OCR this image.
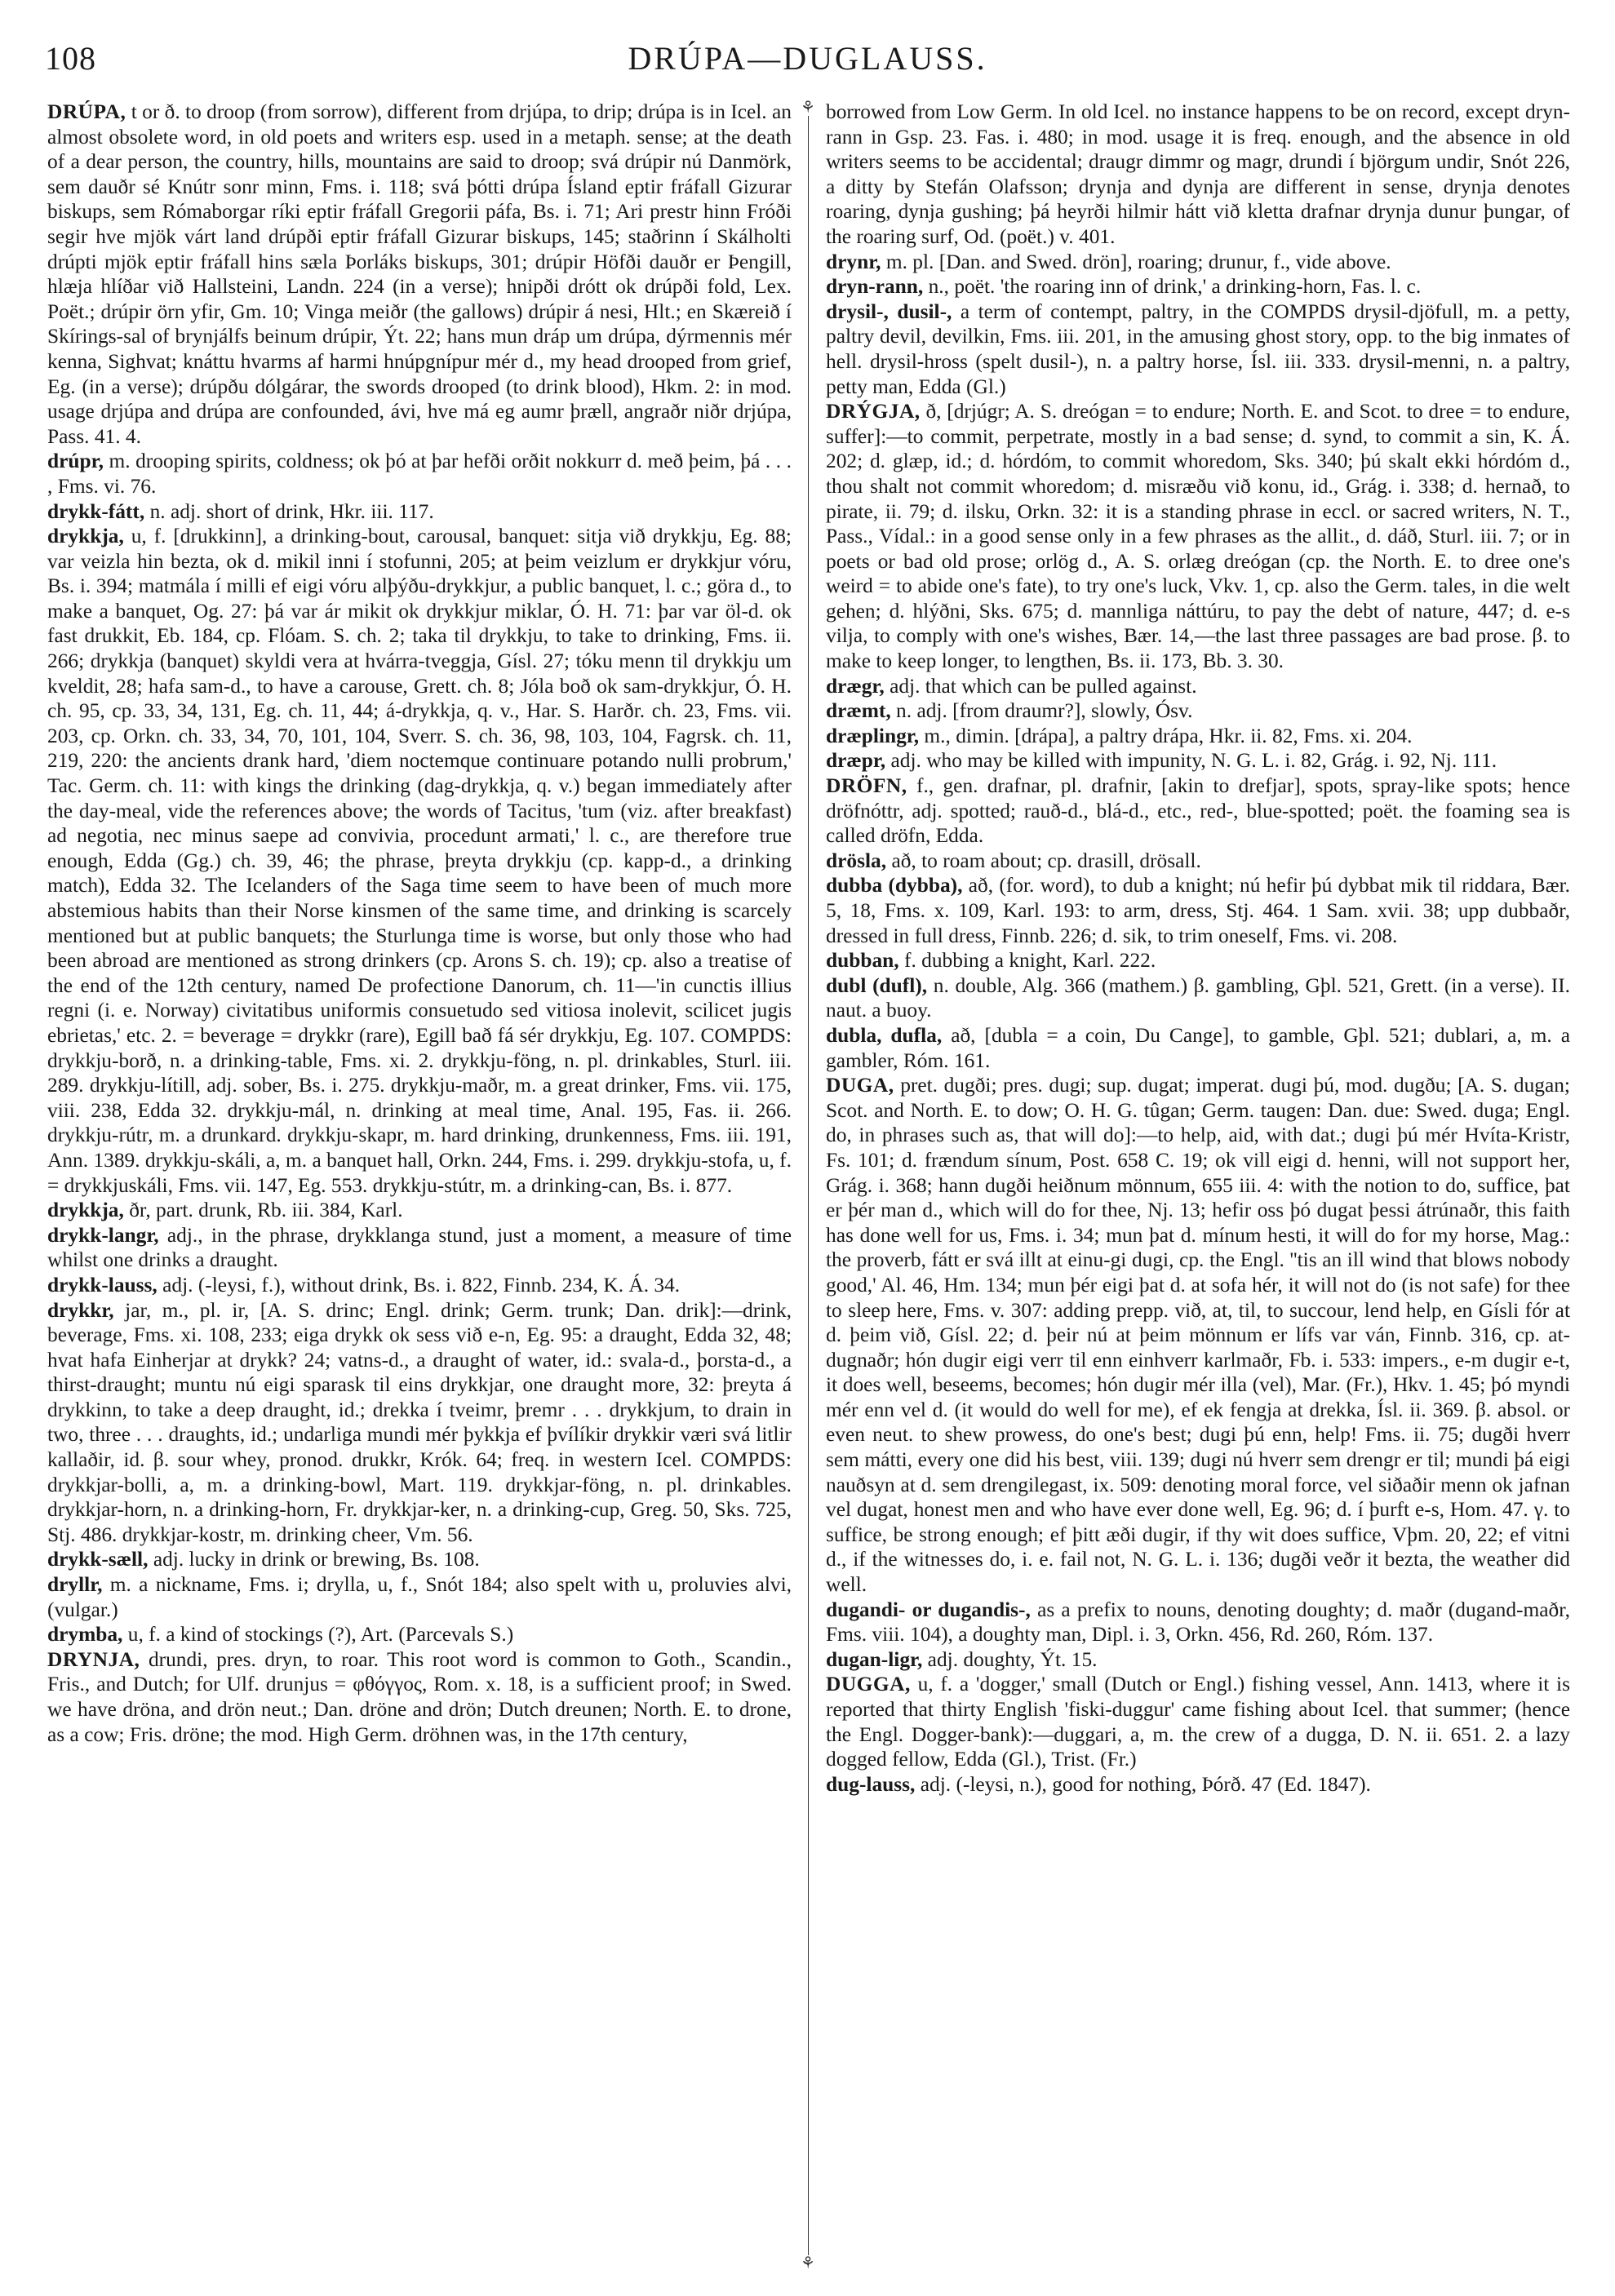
108	DRÚPA—DUGLAUSS.

DRÚPA, t or ð. to droop (from sorrow), different from drjúpa, to drip; drúpa is in Icel. an almost obsolete word, in old poets and writers esp. used in a metaph. sense; at the death of a dear person, the country, hills, mountains are said to droop; svá drúpir nú Danmörk, sem dauðr sé Knútr sonr minn, Fms. i. 118; svá þótti drúpa Ísland eptir fráfall Gizurar biskups, sem Rómaborgar ríki eptir fráfall Gregorii páfa, Bs. i. 71; Ari prestr hinn Fróði segir hve mjök várt land drúpði eptir fráfall Gizurar biskups, 145; staðrinn í Skálholti drúpti mjök eptir fráfall hins sæla Þorláks biskups, 301; drúpir Höfði dauðr er Þengill, hlæja hlíðar við Hallsteini, Landn. 224 (in a verse); hnipði drótt ok drúpði fold, Lex. Poët.; drúpir örn yfir, Gm. 10; Vinga meiðr (the gallows) drúpir á nesi, Hlt.; en Skæreið í Skírings-sal of brynjálfs beinum drúpir, Ýt. 22; hans mun dráp um drúpa, dýrmennis mér kenna, Sighvat; knáttu hvarms af harmi hnúpgnípur mér d., my head drooped from grief, Eg. (in a verse); drúpðu dólgárar, the swords drooped (to drink blood), Hkm. 2: in mod. usage drjúpa and drúpa are confounded, ávi, hve má eg aumr þræll, angraðr niðr drjúpa, Pass. 41. 4.

drúpr, m. drooping spirits, coldness; ok þó at þar hefði orðit nokkurr d. með þeim, þá . . . , Fms. vi. 76.

drykk-fátt, n. adj. short of drink, Hkr. iii. 117.

drykkja, u, f. [drukkinn], a drinking-bout, carousal, banquet: sitja við drykkju, Eg. 88; var veizla hin bezta, ok d. mikil inni í stofunni, 205; at þeim veizlum er drykkjur vóru, Bs. i. 394; matmála í milli ef eigi vóru alþýðu-drykkjur, a public banquet, l. c.; göra d., to make a banquet, Og. 27: þá var ár mikit ok drykkjur miklar, Ó. H. 71: þar var öl-d. ok fast drukkit, Eb. 184, cp. Flóam. S. ch. 2; taka til drykkju, to take to drinking, Fms. ii. 266; drykkja (banquet) skyldi vera at hvárra-tveggja, Gísl. 27; tóku menn til drykkju um kveldit, 28; hafa sam-d., to have a carouse, Grett. ch. 8; Jóla boð ok sam-drykkjur, Ó. H. ch. 95, cp. 33, 34, 131, Eg. ch. 11, 44; á-drykkja, q. v., Har. S. Harðr. ch. 23, Fms. vii. 203, cp. Orkn. ch. 33, 34, 70, 101, 104, Sverr. S. ch. 36, 98, 103, 104, Fagrsk. ch. 11, 219, 220: the ancients drank hard, 'diem noctemque continuare potando nulli probrum,' Tac. Germ. ch. 11: with kings the drinking (dag-drykkja, q. v.) began immediately after the day-meal, vide the references above; the words of Tacitus, 'tum (viz. after breakfast) ad negotia, nec minus saepe ad convivia, procedunt armati,' l. c., are therefore true enough, Edda (Gg.) ch. 39, 46; the phrase, þreyta drykkju (cp. kapp-d., a drinking match), Edda 32. The Icelanders of the Saga time seem to have been of much more abstemious habits than their Norse kinsmen of the same time, and drinking is scarcely mentioned but at public banquets; the Sturlunga time is worse, but only those who had been abroad are mentioned as strong drinkers (cp. Arons S. ch. 19); cp. also a treatise of the end of the 12th century, named De profectione Danorum, ch. 11—'in cunctis illius regni (i. e. Norway) civitatibus uniformis consuetudo sed vitiosa inolevit, scilicet jugis ebrietas,' etc. 2. = beverage = drykkr (rare), Egill bað fá sér drykkju, Eg. 107. COMPDS: drykkju-borð, n. a drinking-table, Fms. xi. 2. drykkju-föng, n. pl. drinkables, Sturl. iii. 289. drykkju-lítill, adj. sober, Bs. i. 275. drykkju-maðr, m. a great drinker, Fms. vii. 175, viii. 238, Edda 32. drykkju-mál, n. drinking at meal time, Anal. 195, Fas. ii. 266. drykkju-rútr, m. a drunkard. drykkju-skapr, m. hard drinking, drunkenness, Fms. iii. 191, Ann. 1389. drykkju-skáli, a, m. a banquet hall, Orkn. 244, Fms. i. 299. drykkju-stofa, u, f. = drykkjuskáli, Fms. vii. 147, Eg. 553. drykkju-stútr, m. a drinking-can, Bs. i. 877.

drykkja, ðr, part. drunk, Rb. iii. 384, Karl.

drykk-langr, adj., in the phrase, drykklanga stund, just a moment, a measure of time whilst one drinks a draught.

drykk-lauss, adj. (-leysi, f.), without drink, Bs. i. 822, Finnb. 234, K. Á. 34.

drykkr, jar, m., pl. ir, [A. S. drinc; Engl. drink; Germ. trunk; Dan. drik]:—drink, beverage, Fms. xi. 108, 233; eiga drykk ok sess við e-n, Eg. 95: a draught, Edda 32, 48; hvat hafa Einherjar at drykk? 24; vatns-d., a draught of water, id.: svala-d., þorsta-d., a thirst-draught; muntu nú eigi sparask til eins drykkjar, one draught more, 32: þreyta á drykkinn, to take a deep draught, id.; drekka í tveimr, þremr . . . drykkjum, to drain in two, three . . . draughts, id.; undarliga mundi mér þykkja ef þvílíkir drykkir væri svá litlir kallaðir, id. β. sour whey, pronod. drukkr, Krók. 64; freq. in western Icel. COMPDS: drykkjar-bolli, a, m. a drinking-bowl, Mart. 119. drykkjar-föng, n. pl. drinkables. drykkjar-horn, n. a drinking-horn, Fr. drykkjar-ker, n. a drinking-cup, Greg. 50, Sks. 725, Stj. 486. drykkjar-kostr, m. drinking cheer, Vm. 56.

drykk-sæll, adj. lucky in drink or brewing, Bs. 108.

dryllr, m. a nickname, Fms. i; drylla, u, f., Snót 184; also spelt with u, proluvies alvi, (vulgar.)

drymba, u, f. a kind of stockings (?), Art. (Parcevals S.)

DRYNJA, drundi, pres. dryn, to roar. This root word is common to Goth., Scandin., Fris., and Dutch; for Ulf. drunjus = φθόγγος, Rom. x. 18, is a sufficient proof; in Swed. we have dröna, and drön neut.; Dan. dröne and drön; Dutch dreunen; North. E. to drone, as a cow; Fris. dröne; the mod. High Germ. dröhnen was, in the 17th century,

⚘
⚘

borrowed from Low Germ. In old Icel. no instance happens to be on record, except dryn-rann in Gsp. 23. Fas. i. 480; in mod. usage it is freq. enough, and the absence in old writers seems to be accidental; draugr dimmr og magr, drundi í björgum undir, Snót 226, a ditty by Stefán Olafsson; drynja and dynja are different in sense, drynja denotes roaring, dynja gushing; þá heyrði hilmir hátt við kletta drafnar drynja dunur þungar, of the roaring surf, Od. (poët.) v. 401.

drynr, m. pl. [Dan. and Swed. drön], roaring; drunur, f., vide above.

dryn-rann, n., poët. 'the roaring inn of drink,' a drinking-horn, Fas. l. c.

drysil-, dusil-, a term of contempt, paltry, in the COMPDS drysil-djöfull, m. a petty, paltry devil, devilkin, Fms. iii. 201, in the amusing ghost story, opp. to the big inmates of hell. drysil-hross (spelt dusil-), n. a paltry horse, Ísl. iii. 333. drysil-menni, n. a paltry, petty man, Edda (Gl.)

DRÝGJA, ð, [drjúgr; A. S. dreógan = to endure; North. E. and Scot. to dree = to endure, suffer]:—to commit, perpetrate, mostly in a bad sense; d. synd, to commit a sin, K. Á. 202; d. glæp, id.; d. hórdóm, to commit whoredom, Sks. 340; þú skalt ekki hórdóm d., thou shalt not commit whoredom; d. misræðu við konu, id., Grág. i. 338; d. hernað, to pirate, ii. 79; d. ilsku, Orkn. 32: it is a standing phrase in eccl. or sacred writers, N. T., Pass., Vídal.: in a good sense only in a few phrases as the allit., d. dáð, Sturl. iii. 7; or in poets or bad old prose; orlög d., A. S. orlæg dreógan (cp. the North. E. to dree one's weird = to abide one's fate), to try one's luck, Vkv. 1, cp. also the Germ. tales, in die welt gehen; d. hlýðni, Sks. 675; d. mannliga náttúru, to pay the debt of nature, 447; d. e-s vilja, to comply with one's wishes, Bær. 14,—the last three passages are bad prose. β. to make to keep longer, to lengthen, Bs. ii. 173, Bb. 3. 30.

drægr, adj. that which can be pulled against.

dræmt, n. adj. [from draumr?], slowly, Ósv.

dræplingr, m., dimin. [drápa], a paltry drápa, Hkr. ii. 82, Fms. xi. 204.

dræpr, adj. who may be killed with impunity, N. G. L. i. 82, Grág. i. 92, Nj. 111.

DRÖFN, f., gen. drafnar, pl. drafnir, [akin to drefjar], spots, spray-like spots; hence dröfnóttr, adj. spotted; rauð-d., blá-d., etc., red-, blue-spotted; poët. the foaming sea is called dröfn, Edda.

drösla, að, to roam about; cp. drasill, drösall.

dubba (dybba), að, (for. word), to dub a knight; nú hefir þú dybbat mik til riddara, Bær. 5, 18, Fms. x. 109, Karl. 193: to arm, dress, Stj. 464. 1 Sam. xvii. 38; upp dubbaðr, dressed in full dress, Finnb. 226; d. sik, to trim oneself, Fms. vi. 208.

dubban, f. dubbing a knight, Karl. 222.

dubl (dufl), n. double, Alg. 366 (mathem.) β. gambling, Gþl. 521, Grett. (in a verse). II. naut. a buoy.

dubla, dufla, að, [dubla = a coin, Du Cange], to gamble, Gþl. 521; dublari, a, m. a gambler, Róm. 161.

DUGA, pret. dugði; pres. dugi; sup. dugat; imperat. dugi þú, mod. dugðu; [A. S. dugan; Scot. and North. E. to dow; O. H. G. tûgan; Germ. taugen: Dan. due: Swed. duga; Engl. do, in phrases such as, that will do]:—to help, aid, with dat.; dugi þú mér Hvíta-Kristr, Fs. 101; d. frændum sínum, Post. 658 C. 19; ok vill eigi d. henni, will not support her, Grág. i. 368; hann dugði heiðnum mönnum, 655 iii. 4: with the notion to do, suffice, þat er þér man d., which will do for thee, Nj. 13; hefir oss þó dugat þessi átrúnaðr, this faith has done well for us, Fms. i. 34; mun þat d. mínum hesti, it will do for my horse, Mag.: the proverb, fátt er svá illt at einu-gi dugi, cp. the Engl. ''tis an ill wind that blows nobody good,' Al. 46, Hm. 134; mun þér eigi þat d. at sofa hér, it will not do (is not safe) for thee to sleep here, Fms. v. 307: adding prepp. við, at, til, to succour, lend help, en Gísli fór at d. þeim við, Gísl. 22; d. þeir nú at þeim mönnum er lífs var ván, Finnb. 316, cp. at-dugnaðr; hón dugir eigi verr til enn einhverr karlmaðr, Fb. i. 533: impers., e-m dugir e-t, it does well, beseems, becomes; hón dugir mér illa (vel), Mar. (Fr.), Hkv. 1. 45; þó myndi mér enn vel d. (it would do well for me), ef ek fengja at drekka, Ísl. ii. 369. β. absol. or even neut. to shew prowess, do one's best; dugi þú enn, help! Fms. ii. 75; dugði hverr sem mátti, every one did his best, viii. 139; dugi nú hverr sem drengr er til; mundi þá eigi nauðsyn at d. sem drengilegast, ix. 509: denoting moral force, vel siðaðir menn ok jafnan vel dugat, honest men and who have ever done well, Eg. 96; d. í þurft e-s, Hom. 47. γ. to suffice, be strong enough; ef þitt æði dugir, if thy wit does suffice, Vþm. 20, 22; ef vitni d., if the witnesses do, i. e. fail not, N. G. L. i. 136; dugði veðr it bezta, the weather did well.

dugandi- or dugandis-, as a prefix to nouns, denoting doughty; d. maðr (dugand-maðr, Fms. viii. 104), a doughty man, Dipl. i. 3, Orkn. 456, Rd. 260, Róm. 137.

dugan-ligr, adj. doughty, Ýt. 15.

DUGGA, u, f. a 'dogger,' small (Dutch or Engl.) fishing vessel, Ann. 1413, where it is reported that thirty English 'fiski-duggur' came fishing about Icel. that summer; (hence the Engl. Dogger-bank):—duggari, a, m. the crew of a dugga, D. N. ii. 651. 2. a lazy dogged fellow, Edda (Gl.), Trist. (Fr.)

dug-lauss, adj. (-leysi, n.), good for nothing, Þórð. 47 (Ed. 1847).
